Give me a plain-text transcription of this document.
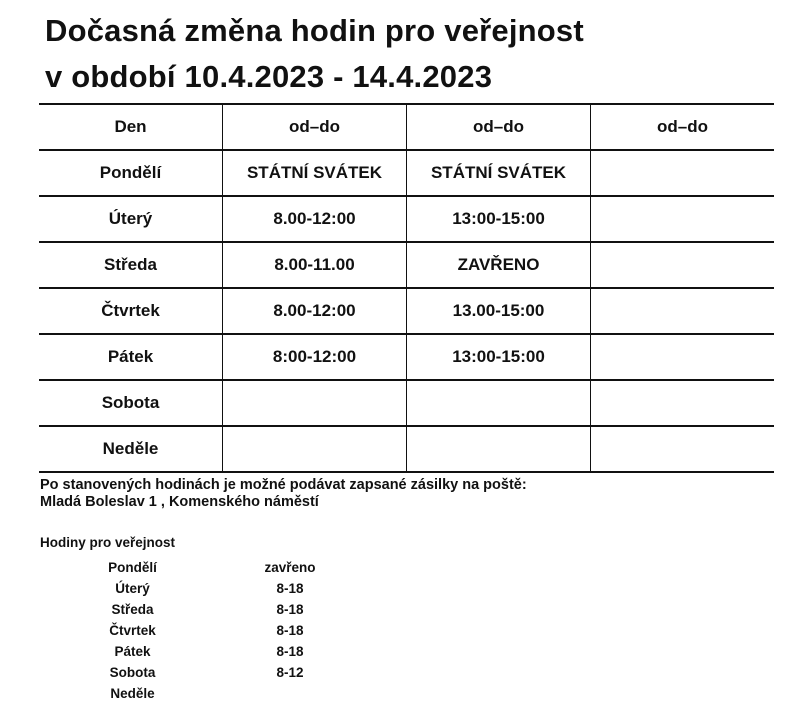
Dočasná změna hodin pro veřejnost
v období 10.4.2023 - 14.4.2023
Den	od–do	od–do	od–do
Pondělí	STÁTNÍ SVÁTEK	STÁTNÍ SVÁTEK	
Úterý	8.00-12:00	13:00-15:00	
Středa	8.00-11.00	ZAVŘENO	
Čtvrtek	8.00-12:00	13.00-15:00	
Pátek	8:00-12:00	13:00-15:00	
Sobota			
Neděle			
Po stanovených hodinách je možné podávat zapsané zásilky na poště:
Mladá Boleslav 1 , Komenského náměstí
Hodiny pro veřejnost
Pondělí	zavřeno
Úterý	8-18
Středa	8-18
Čtvrtek	8-18
Pátek	8-18
Sobota	8-12
Neděle
